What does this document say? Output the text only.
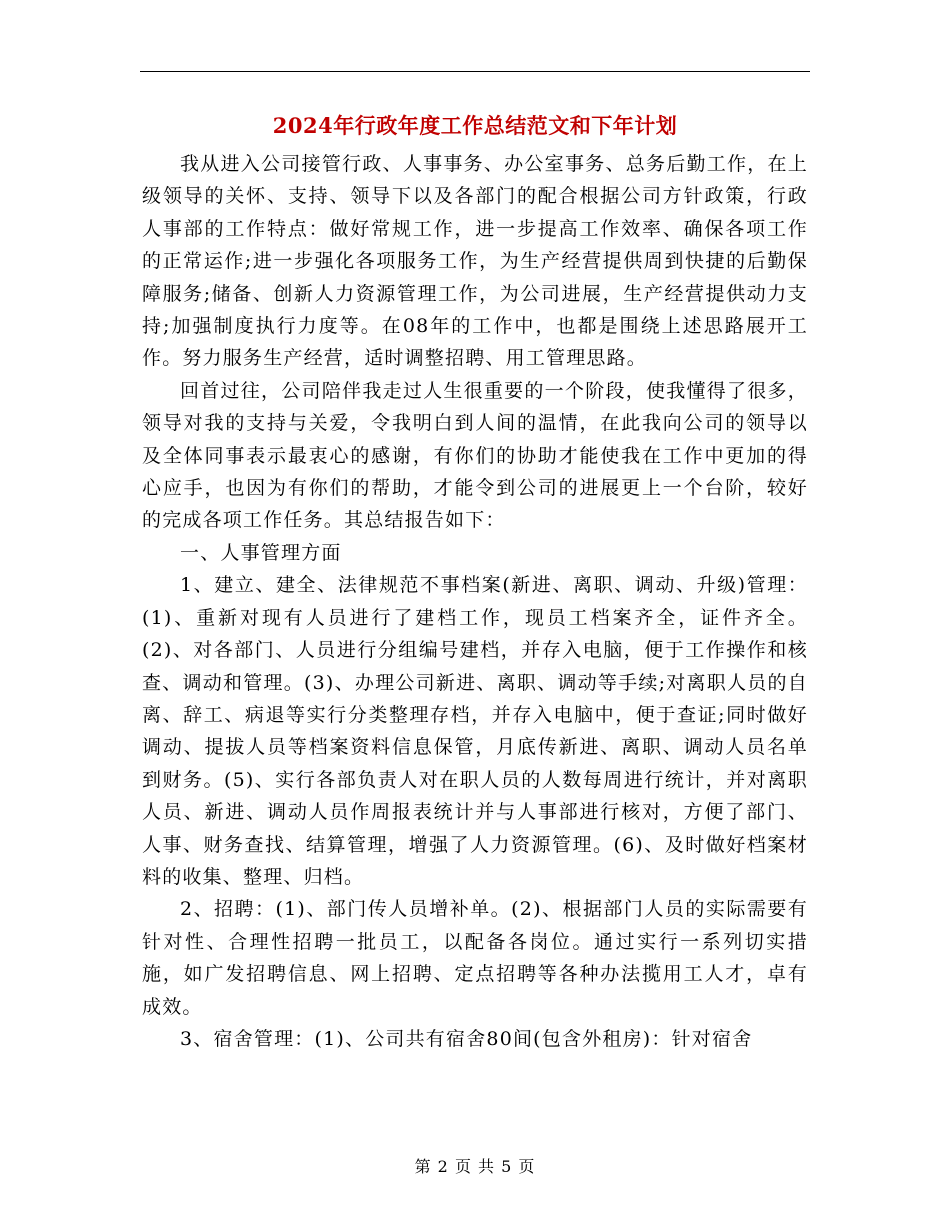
2024年行政年度工作总结范文和下年计划

我从进入公司接管行政、人事事务、办公室事务、总务后勤工作，在上级领导的关怀、支持、领导下以及各部门的配合根据公司方针政策，行政人事部的工作特点：做好常规工作，进一步提高工作效率、确保各项工作的正常运作;进一步强化各项服务工作，为生产经营提供周到快捷的后勤保障服务;储备、创新人力资源管理工作，为公司进展，生产经营提供动力支持;加强制度执行力度等。在08年的工作中，也都是围绕上述思路展开工作。努力服务生产经营，适时调整招聘、用工管理思路。

回首过往，公司陪伴我走过人生很重要的一个阶段，使我懂得了很多，领导对我的支持与关爱，令我明白到人间的温情，在此我向公司的领导以及全体同事表示最衷心的感谢，有你们的协助才能使我在工作中更加的得心应手，也因为有你们的帮助，才能令到公司的进展更上一个台阶，较好的完成各项工作任务。其总结报告如下：

一、人事管理方面

1、建立、建全、法律规范不事档案(新进、离职、调动、升级)管理：(1)、重新对现有人员进行了建档工作，现员工档案齐全，证件齐全。(2)、对各部门、人员进行分组编号建档，并存入电脑，便于工作操作和核查、调动和管理。(3)、办理公司新进、离职、调动等手续;对离职人员的自离、辞工、病退等实行分类整理存档，并存入电脑中，便于查证;同时做好调动、提拔人员等档案资料信息保管，月底传新进、离职、调动人员名单到财务。(5)、实行各部负责人对在职人员的人数每周进行统计，并对离职人员、新进、调动人员作周报表统计并与人事部进行核对，方便了部门、人事、财务查找、结算管理，增强了人力资源管理。(6)、及时做好档案材料的收集、整理、归档。

2、招聘：(1)、部门传人员增补单。(2)、根据部门人员的实际需要有针对性、合理性招聘一批员工，以配备各岗位。通过实行一系列切实措施，如广发招聘信息、网上招聘、定点招聘等各种办法揽用工人才，卓有成效。

3、宿舍管理：(1)、公司共有宿舍80间(包含外租房)：针对宿舍

第 2 页 共 5 页
